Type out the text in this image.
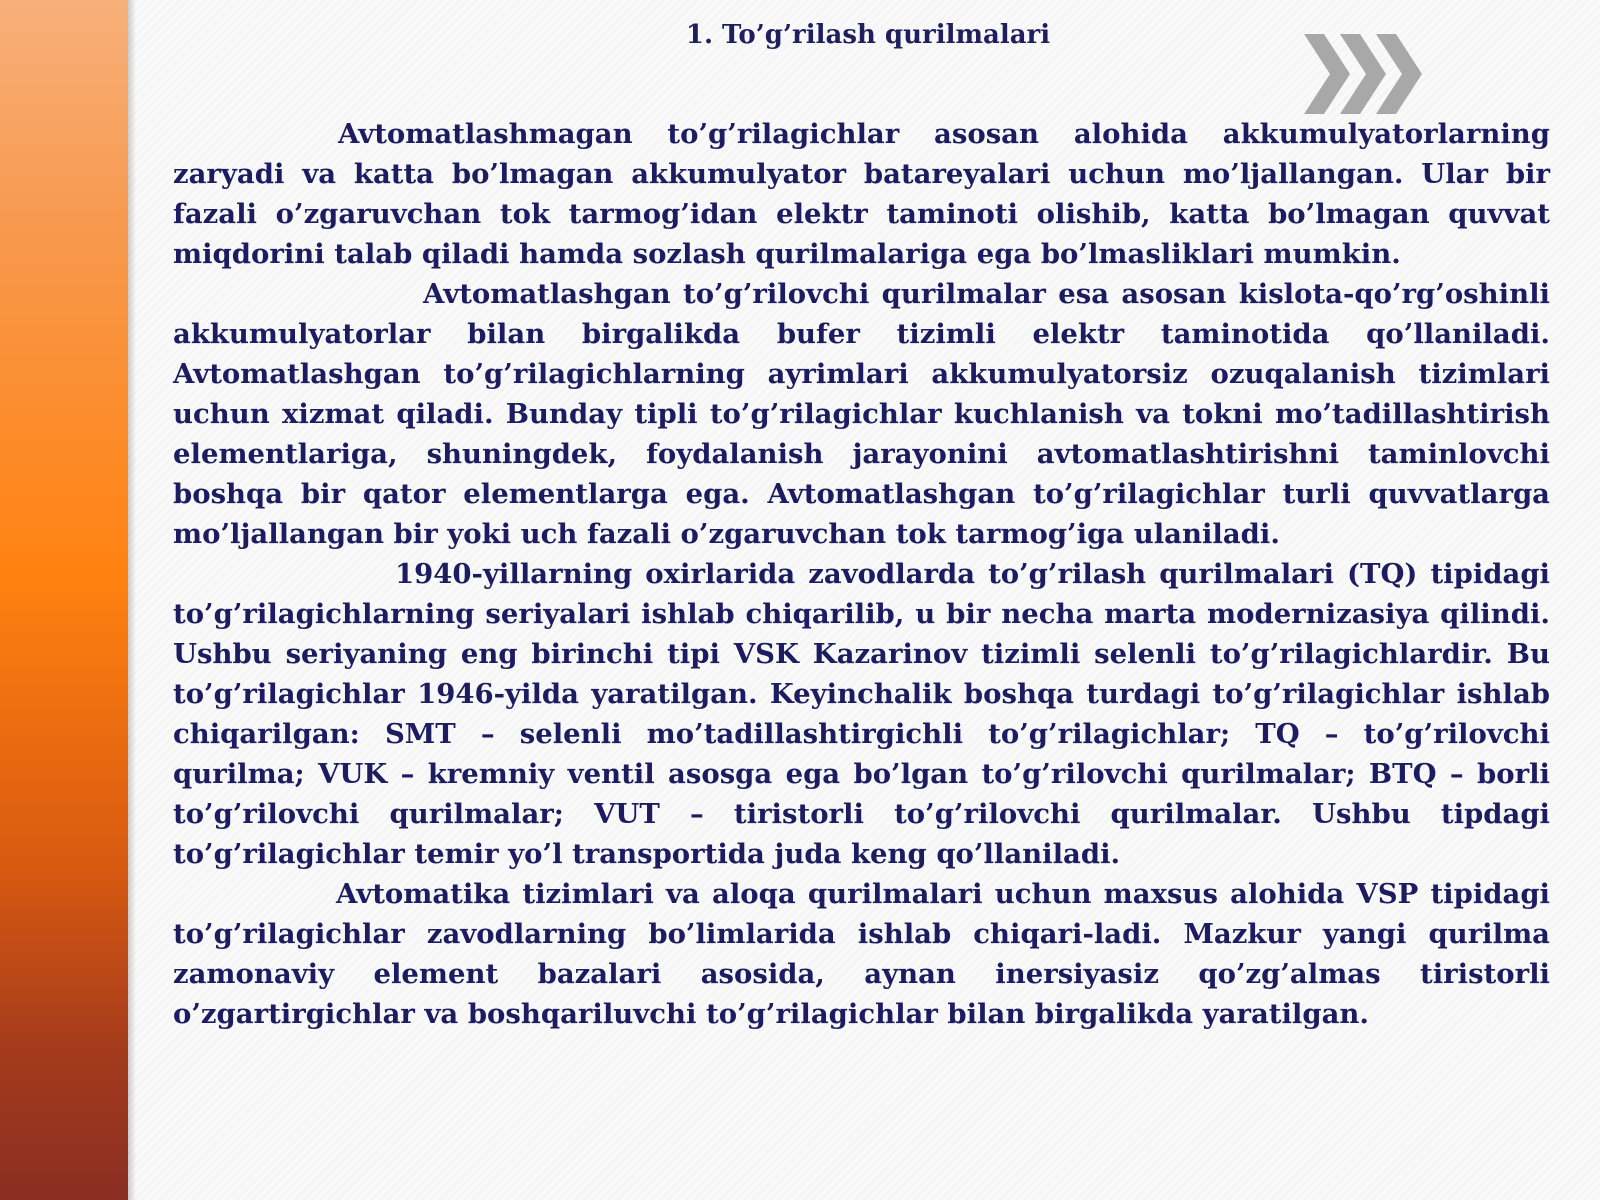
1. To’g’rilash qurilmalari

Avtomatlashmagan to’g’rilagichlar asosan alohida akkumulyatorlarning zaryadi va katta bo’lmagan akkumulyator batareyalari uchun mo’ljallangan. Ular bir fazali o’zgaruvchan tok tarmog’idan elektr taminoti olishib, katta bo’lmagan quvvat miqdorini talab qiladi hamda sozlash qurilmalariga ega bo’lmasliklari mumkin.

Avtomatlashgan to’g’rilovchi qurilmalar esa asosan kislota-qo’rg’oshinli akkumulyatorlar bilan birgalikda bufer tizimli elektr taminotida qo’llaniladi. Avtomatlashgan to’g’rilagichlarning ayrimlari akkumulyatorsiz ozuqalanish tizimlari uchun xizmat qiladi. Bunday tipli to’g’rilagichlar kuchlanish va tokni mo’tadillashtirish elementlariga, shuningdek, foydalanish jarayonini avtomatlashtirishni taminlovchi boshqa bir qator elementlarga ega. Avtomatlashgan to’g’rilagichlar turli quvvatlarga mo’ljallangan bir yoki uch fazali o’zgaruvchan tok tarmog’iga ulaniladi.

1940-yillarning oxirlarida zavodlarda to’g’rilash qurilmalari (TQ) tipidagi to’g’rilagichlarning seriyalari ishlab chiqarilib, u bir necha marta modernizasiya qilindi. Ushbu seriyaning eng birinchi tipi VSK Kazarinov tizimli selenli to’g’rilagichlardir. Bu to’g’rilagichlar 1946-yilda yaratilgan. Keyinchalik boshqa turdagi to’g’rilagichlar ishlab chiqarilgan: SMT – selenli mo’tadillashtirgichli to’g’rilagichlar; TQ – to’g’rilovchi qurilma; VUK – kremniy ventil asosga ega bo’lgan to’g’rilovchi qurilmalar; BTQ – borli to’g’rilovchi qurilmalar; VUT – tiristorli to’g’rilovchi qurilmalar. Ushbu tipdagi to’g’rilagichlar temir yo’l transportida juda keng qo’llaniladi.

Avtomatika tizimlari va aloqa qurilmalari uchun maxsus alohida VSP tipidagi to’g’rilagichlar zavodlarning bo’limlarida ishlab chiqari-ladi. Mazkur yangi qurilma zamonaviy element bazalari asosida, aynan inersiyasiz qo’zg’almas tiristorli o’zgartirgichlar va boshqariluvchi to’g’rilagichlar bilan birgalikda yaratilgan.
